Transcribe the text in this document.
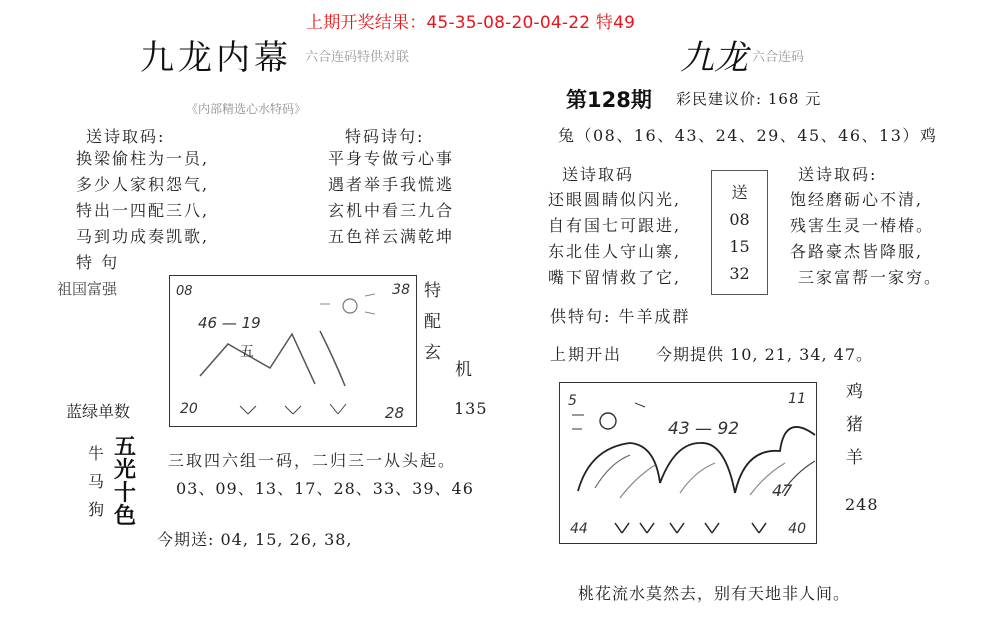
上期开奖结果：45-35-08-20-04-22 特49
九龙内幕 六合连码特供对联
《内部精选心水特码》
送诗取码:
换梁偷柱为一员,
多少人家积怨气,
特出一四配三八,
马到功成奏凯歌,
特 句
特码诗句:
平身专做亏心事
遇者举手我慌逃
玄机中看三九合
五色祥云满乾坤
祖国富强
蓝绿单数
08	38
46 — 19
五
20	28
特
配
玄
机
135
牛
马
狗
五
光
十
色
三取四六组一码，二归三一从头起。
03、09、13、17、28、33、39、46
今期送: 04, 15, 26, 38,
九龙 六合连码
第128期 彩民建议价: 168 元
兔（08、16、43、24、29、45、46、13）鸡
送诗取码
还眼圆睛似闪光,
自有国七可跟进,
东北佳人守山寨,
嘴下留情救了它,
送
08
15
32
送诗取码:
饱经磨砺心不清,
残害生灵一椿椿。
各路豪杰皆降服,
三家富帮一家穷。
供特句: 牛羊成群
上期开出 今期提供 10, 21, 34, 47。
5	11
43 — 92
47
44	40
鸡
猪
羊
248
桃花流水莫然去，别有天地非人间。
